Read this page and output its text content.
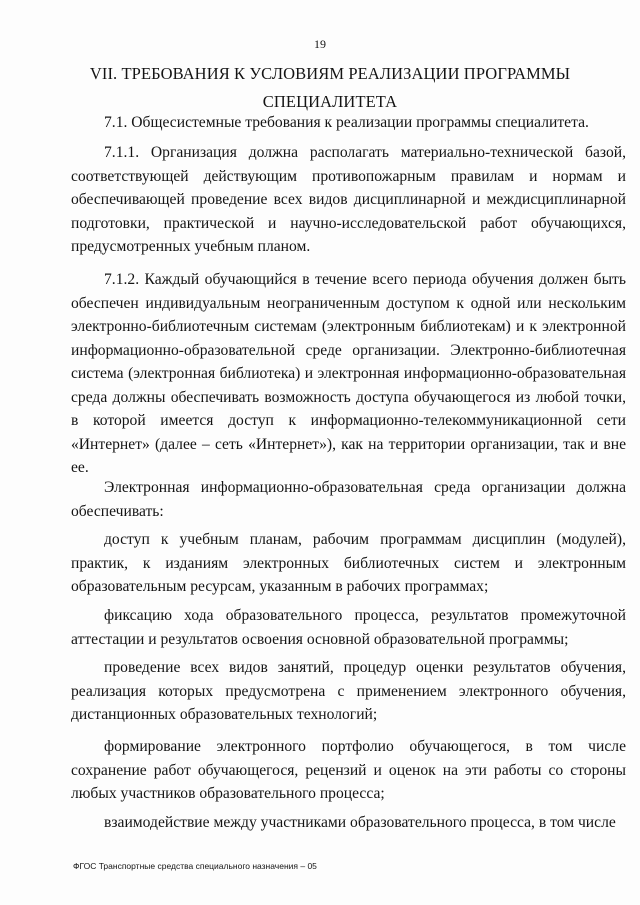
19
VII. ТРЕБОВАНИЯ К УСЛОВИЯМ РЕАЛИЗАЦИИ ПРОГРАММЫ
СПЕЦИАЛИТЕТА
7.1. Общесистемные требования к реализации программы специалитета.
7.1.1. Организация должна располагать материально-технической базой, соответствующей действующим противопожарным правилам и нормам и обеспечивающей проведение всех видов дисциплинарной и междисциплинарной подготовки, практической и научно-исследовательской работ обучающихся, предусмотренных учебным планом.
7.1.2. Каждый обучающийся в течение всего периода обучения должен быть обеспечен индивидуальным неограниченным доступом к одной или нескольким электронно-библиотечным системам (электронным библиотекам) и к электронной информационно-образовательной среде организации. Электронно-библиотечная система (электронная библиотека) и электронная информационно-образовательная среда должны обеспечивать возможность доступа обучающегося из любой точки, в которой имеется доступ к информационно-телекоммуникационной сети «Интернет» (далее – сеть «Интернет»), как на территории организации, так и вне ее.
Электронная информационно-образовательная среда организации должна обеспечивать:
доступ к учебным планам, рабочим программам дисциплин (модулей), практик, к изданиям электронных библиотечных систем и электронным образовательным ресурсам, указанным в рабочих программах;
фиксацию хода образовательного процесса, результатов промежуточной аттестации и результатов освоения основной образовательной программы;
проведение всех видов занятий, процедур оценки результатов обучения, реализация которых предусмотрена с применением электронного обучения, дистанционных образовательных технологий;
формирование электронного портфолио обучающегося, в том числе сохранение работ обучающегося, рецензий и оценок на эти работы со стороны любых участников образовательного процесса;
взаимодействие между участниками образовательного процесса, в том числе
ФГОС Транспортные средства специального назначения – 05
